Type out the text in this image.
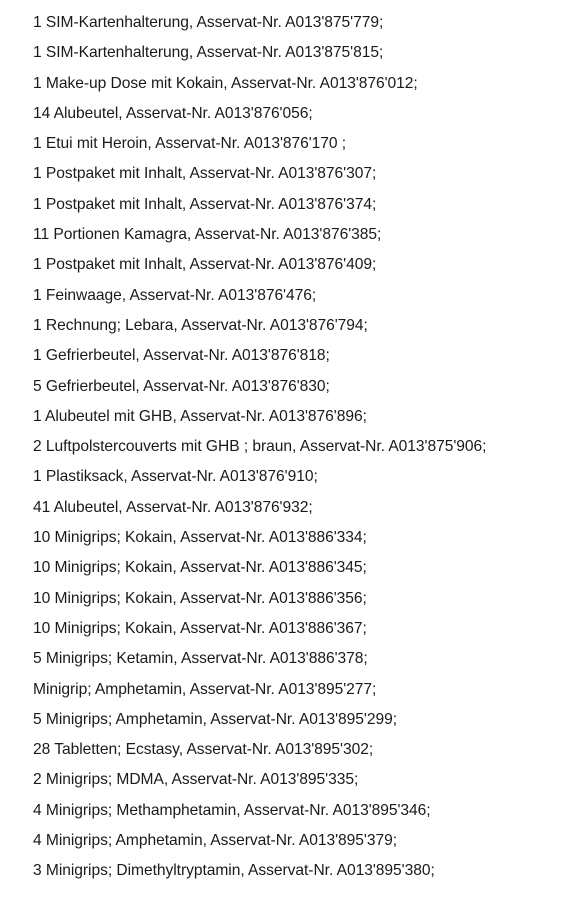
1 SIM-Kartenhalterung, Asservat-Nr. A013'875'779;
1 SIM-Kartenhalterung, Asservat-Nr. A013'875'815;
1 Make-up Dose mit Kokain, Asservat-Nr. A013'876'012;
14 Alubeutel, Asservat-Nr. A013'876'056;
1 Etui mit Heroin, Asservat-Nr. A013'876'170 ;
1 Postpaket mit Inhalt, Asservat-Nr. A013'876'307;
1 Postpaket mit Inhalt, Asservat-Nr. A013'876'374;
11 Portionen Kamagra, Asservat-Nr. A013'876'385;
1 Postpaket mit Inhalt, Asservat-Nr. A013'876'409;
1 Feinwaage, Asservat-Nr. A013'876'476;
1 Rechnung; Lebara, Asservat-Nr. A013'876'794;
1 Gefrierbeutel, Asservat-Nr. A013'876'818;
5 Gefrierbeutel, Asservat-Nr. A013'876'830;
1 Alubeutel mit GHB, Asservat-Nr. A013'876'896;
2 Luftpolstercouverts mit GHB ; braun, Asservat-Nr. A013'875'906;
1 Plastiksack, Asservat-Nr. A013'876'910;
41 Alubeutel, Asservat-Nr. A013'876'932;
10 Minigrips; Kokain, Asservat-Nr. A013'886'334;
10 Minigrips; Kokain, Asservat-Nr. A013'886'345;
10 Minigrips; Kokain, Asservat-Nr. A013'886'356;
10 Minigrips; Kokain, Asservat-Nr. A013'886'367;
5 Minigrips; Ketamin, Asservat-Nr. A013'886'378;
Minigrip; Amphetamin, Asservat-Nr. A013'895'277;
5 Minigrips; Amphetamin, Asservat-Nr. A013'895'299;
28 Tabletten; Ecstasy, Asservat-Nr. A013'895'302;
2 Minigrips; MDMA, Asservat-Nr. A013'895'335;
4 Minigrips; Methamphetamin, Asservat-Nr. A013'895'346;
4 Minigrips; Amphetamin, Asservat-Nr. A013'895'379;
3 Minigrips; Dimethyltryptamin, Asservat-Nr. A013'895'380;
